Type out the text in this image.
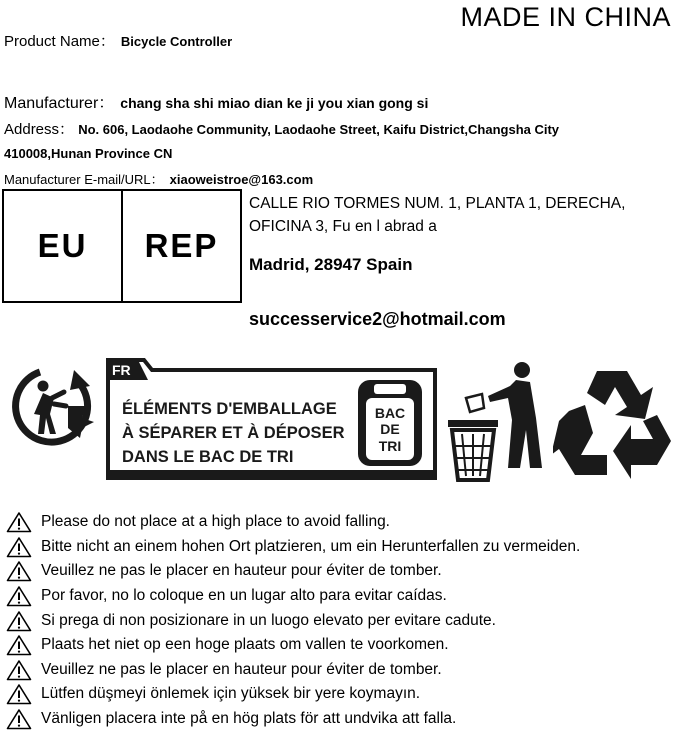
MADE IN CHINA
Product Name： Bicycle Controller
Manufacturer： chang sha shi miao dian ke ji you xian gong si
Address： No. 606, Laodaohe Community, Laodaohe Street, Kaifu District,Changsha City
410008,Hunan Province CN
Manufacturer E-mail/URL： xiaoweistroe@163.com
EU	REP
CALLE RIO TORMES NUM. 1, PLANTA 1, DERECHA,
OFICINA 3, Fu en l abrad a
Madrid, 28947 Spain
successervice2@hotmail.com
FR
ÉLÉMENTS D'EMBALLAGE
À SÉPARER ET À DÉPOSER
DANS LE BAC DE TRI
BAC
DE
TRI
Please do not place at a high place to avoid falling.
Bitte nicht an einem hohen Ort platzieren, um ein Herunterfallen zu vermeiden.
Veuillez ne pas le placer en hauteur pour éviter de tomber.
Por favor, no lo coloque en un lugar alto para evitar caídas.
Si prega di non posizionare in un luogo elevato per evitare cadute.
Plaats het niet op een hoge plaats om vallen te voorkomen.
Veuillez ne pas le placer en hauteur pour éviter de tomber.
Lütfen düşmeyi önlemek için yüksek bir yere koymayın.
Vänligen placera inte på en hög plats för att undvika att falla.
